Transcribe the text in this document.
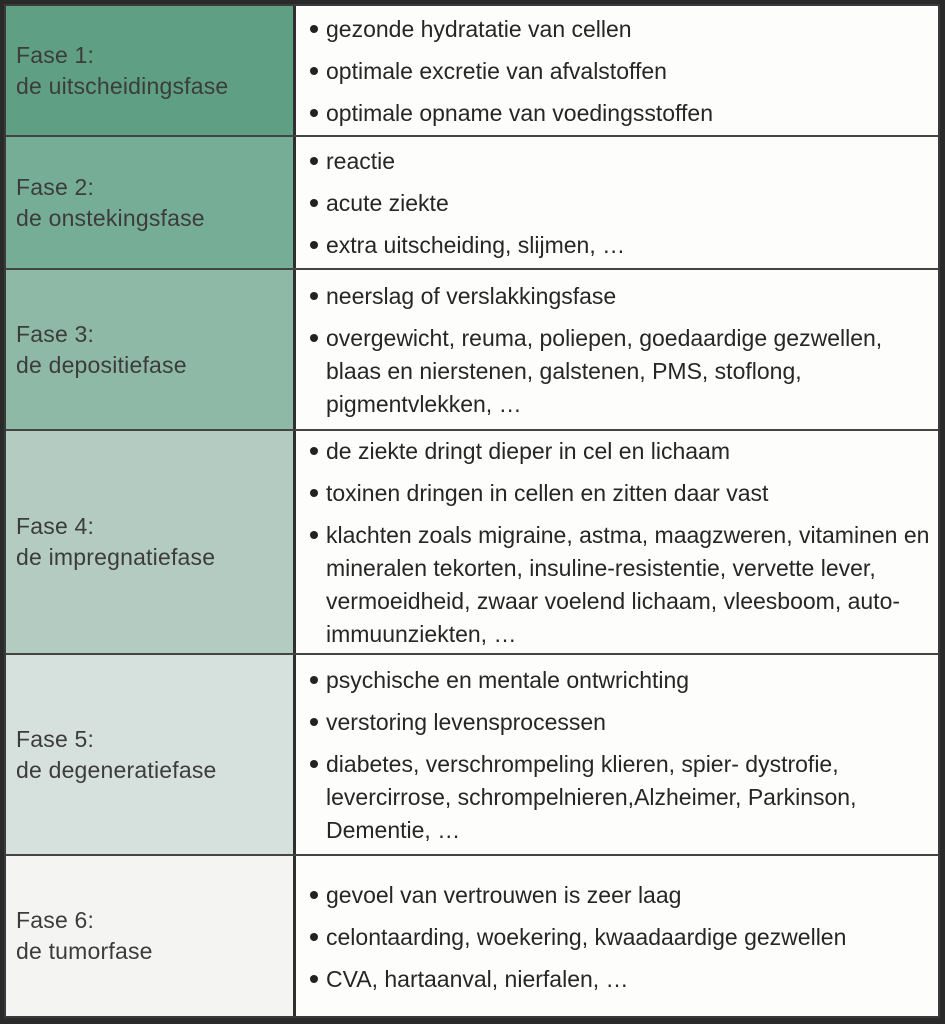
Fase 1:
de uitscheidingsfase

gezonde hydratatie van cellen

optimale excretie van afvalstoffen

optimale opname van voedingsstoffen

Fase 2:
de onstekingsfase

reactie

acute ziekte

extra uitscheiding, slijmen, …

Fase 3:
de depositiefase

neerslag of verslakkingsfase

overgewicht, reuma, poliepen, goedaardige gezwellen, blaas en nierstenen, galstenen, PMS, stoflong, pigmentvlekken, …

Fase 4:
de impregnatiefase

de ziekte dringt dieper in cel en lichaam

toxinen dringen in cellen en zitten daar vast

klachten zoals migraine, astma, maagzweren, vitaminen en mineralen tekorten, insuline-resistentie, vervette lever, vermoeidheid, zwaar voelend lichaam, vleesboom, auto-immuunziekten, …

Fase 5:
de degeneratiefase

psychische en mentale ontwrichting

verstoring levensprocessen

diabetes, verschrompeling klieren, spier- dystrofie, levercirrose, schrompelnieren,Alzheimer, Parkinson, Dementie, …

Fase 6:
de tumorfase

gevoel van vertrouwen is zeer laag

celontaarding, woekering, kwaadaardige gezwellen

CVA, hartaanval, nierfalen, …
